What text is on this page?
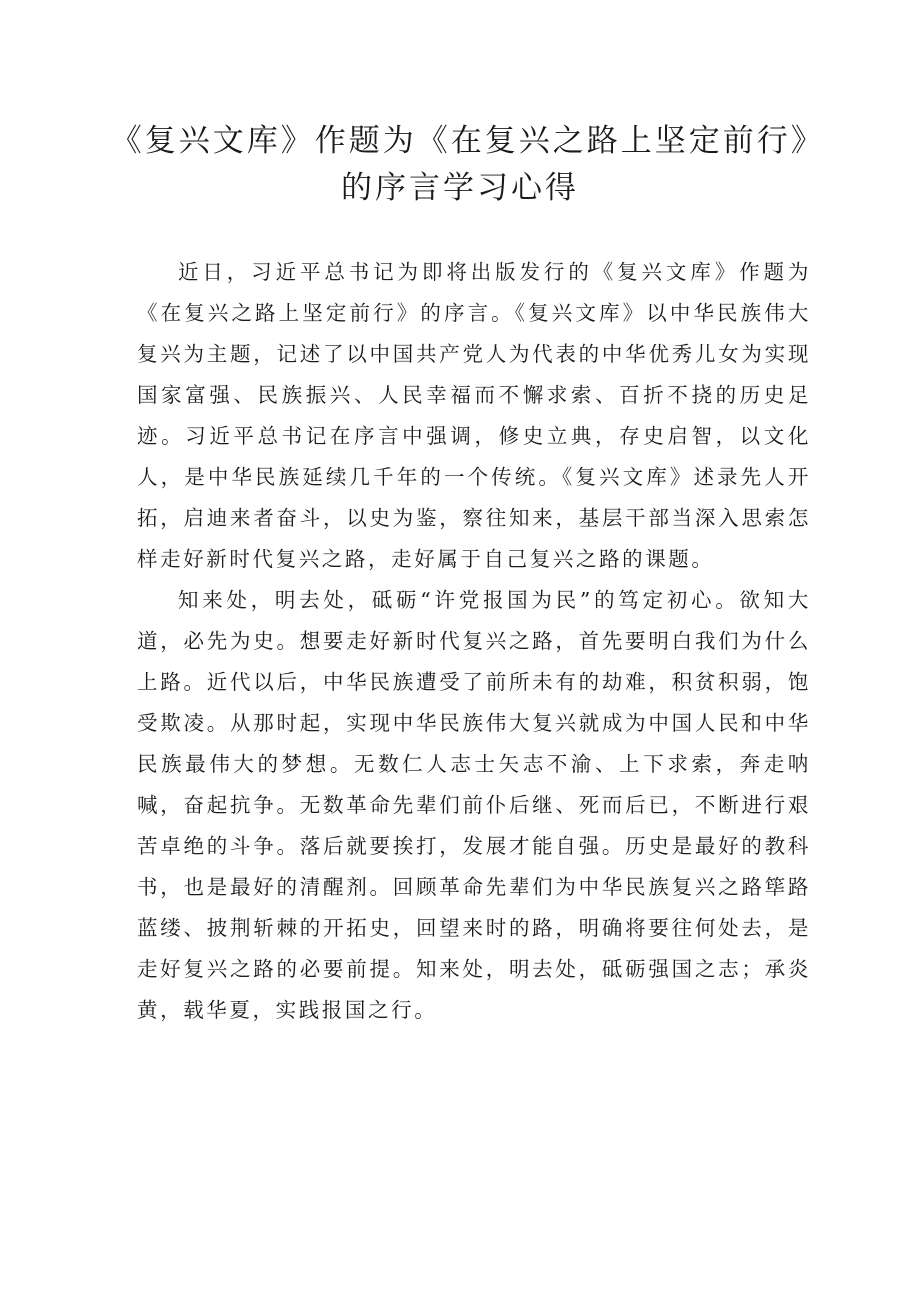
《复兴文库》作题为《在复兴之路上坚定前行》的序言学习心得

近日，习近平总书记为即将出版发行的《复兴文库》作题为《在复兴之路上坚定前行》的序言。《复兴文库》以中华民族伟大复兴为主题，记述了以中国共产党人为代表的中华优秀儿女为实现国家富强、民族振兴、人民幸福而不懈求索、百折不挠的历史足迹。习近平总书记在序言中强调，修史立典，存史启智，以文化人，是中华民族延续几千年的一个传统。《复兴文库》述录先人开拓，启迪来者奋斗，以史为鉴，察往知来，基层干部当深入思索怎样走好新时代复兴之路，走好属于自己复兴之路的课题。

知来处，明去处，砥砺“许党报国为民”的笃定初心。欲知大道，必先为史。想要走好新时代复兴之路，首先要明白我们为什么上路。近代以后，中华民族遭受了前所未有的劫难，积贫积弱，饱受欺凌。从那时起，实现中华民族伟大复兴就成为中国人民和中华民族最伟大的梦想。无数仁人志士矢志不渝、上下求索，奔走呐喊，奋起抗争。无数革命先辈们前仆后继、死而后已，不断进行艰苦卓绝的斗争。落后就要挨打，发展才能自强。历史是最好的教科书，也是最好的清醒剂。回顾革命先辈们为中华民族复兴之路筚路蓝缕、披荆斩棘的开拓史，回望来时的路，明确将要往何处去，是走好复兴之路的必要前提。知来处，明去处，砥砺强国之志；承炎黄，载华夏，实践报国之行。
